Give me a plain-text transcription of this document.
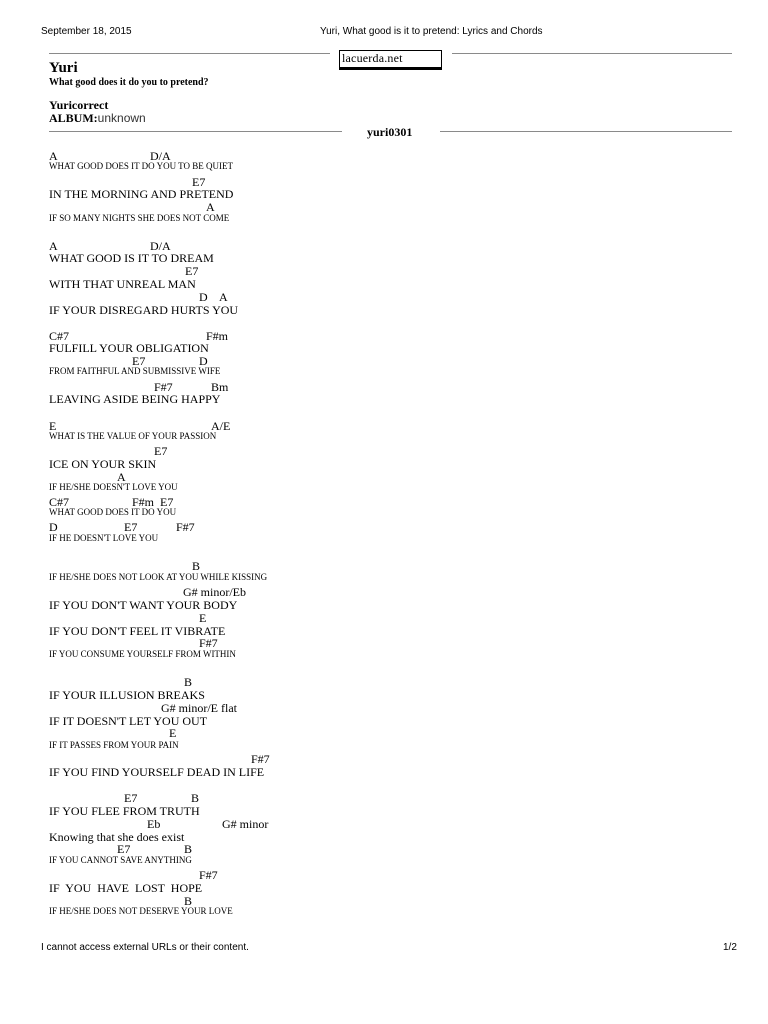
September 18, 2015	Yuri, What good is it to pretend: Lyrics and Chords
lacuerda.net
Yuri
What good does it do you to pretend?
Yuricorrect
ALBUM:unknown
yuri0301
A                               D/A
WHAT GOOD DOES IT DO YOU TO BE QUIET
E7
IN THE MORNING AND PRETEND
A
IF SO MANY NIGHTS SHE DOES NOT COME
A                               D/A
WHAT GOOD IS IT TO DREAM
E7
WITH THAT UNREAL MAN
D    A
IF YOUR DISREGARD HURTS YOU
C#7	F#m
FULFILL YOUR OBLIGATION
E7	D
FROM FAITHFUL AND SUBMISSIVE WIFE
F#7	Bm
LEAVING ASIDE BEING HAPPY
E	A/E
WHAT IS THE VALUE OF YOUR PASSION
E7
ICE ON YOUR SKIN
A
IF HE/SHE DOESN'T LOVE YOU
C#7	F#m  E7
WHAT GOOD DOES IT DO YOU
D	E7	F#7
IF HE DOESN'T LOVE YOU
B
IF HE/SHE DOES NOT LOOK AT YOU WHILE KISSING
G# minor/Eb
IF YOU DON'T WANT YOUR BODY
E
IF YOU DON'T FEEL IT VIBRATE
F#7
IF YOU CONSUME YOURSELF FROM WITHIN
B
IF YOUR ILLUSION BREAKS
G# minor/E flat
IF IT DOESN'T LET YOU OUT
E
IF IT PASSES FROM YOUR PAIN
F#7
IF YOU FIND YOURSELF DEAD IN LIFE
E7	B
IF YOU FLEE FROM TRUTH
Eb	G# minor
Knowing that she does exist
E7	B
IF YOU CANNOT SAVE ANYTHING
F#7
IF  YOU  HAVE  LOST  HOPE
B
IF HE/SHE DOES NOT DESERVE YOUR LOVE
I cannot access external URLs or their content.	1/2
